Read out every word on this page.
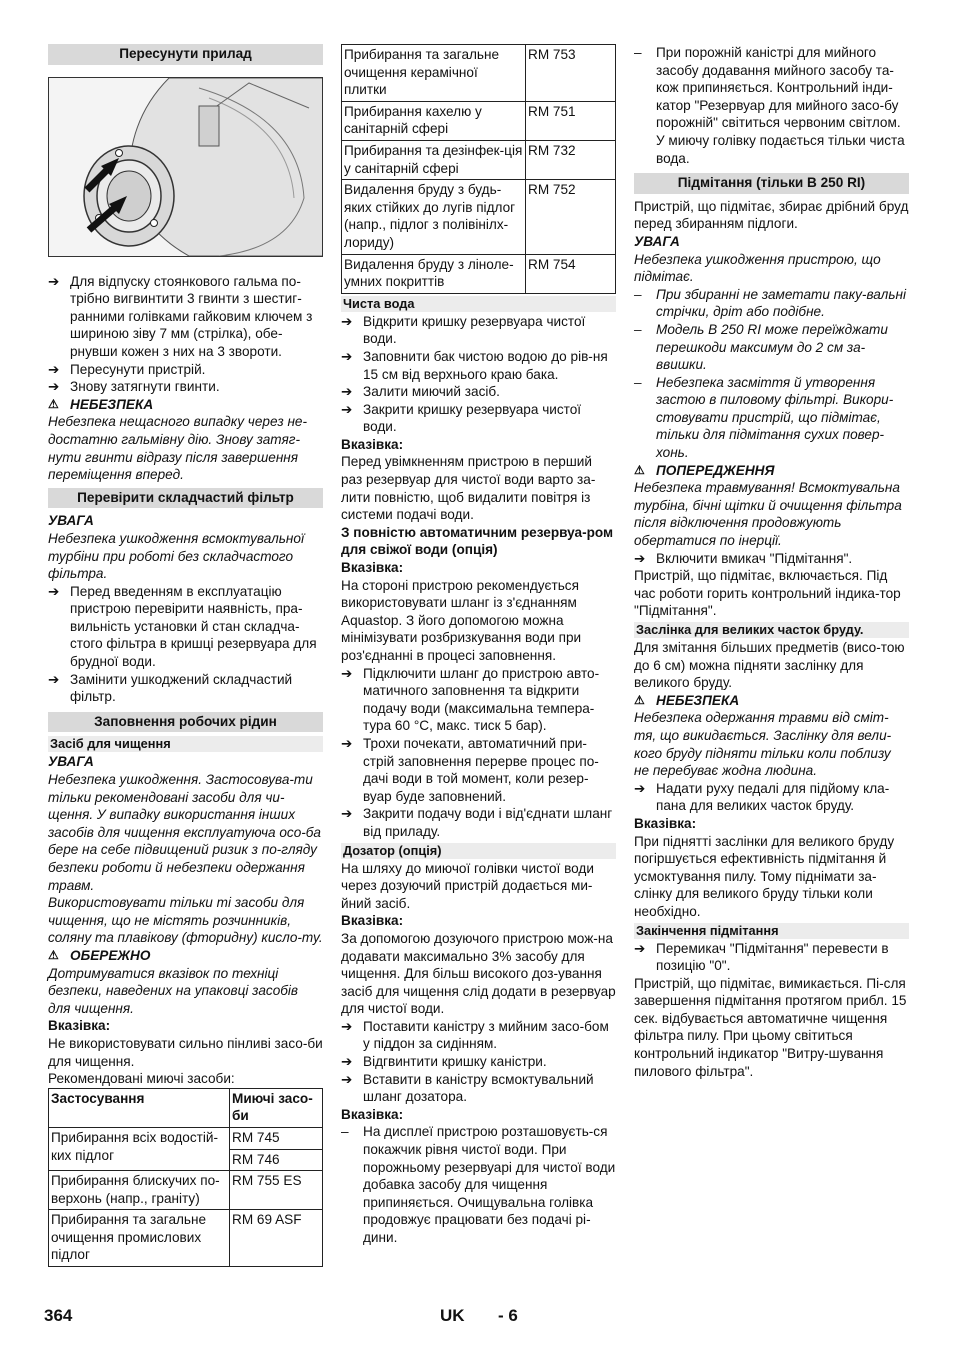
Пересунути прилад
➔ Для відпуску стоянкового гальма по-трібно вигвинтити 3 гвинти з шестиг-ранними голівками гайковим ключем з шириною зіву 7 мм (стрілка), обе-рнувши кожен з них на 3 звороти.
➔ Пересунути пристрій.
➔ Знову затягнути гвинти.
⚠ НЕБЕЗПЕКА

Небезпека нещасного випадку через не-достатню гальмівну дію. Знову затяг-нути гвинти відразу після завершення переміщення вперед.

Перевірити складчастий фільтр

УВАГА

Небезпека ушкодження всмоктувальної турбіни при роботі без складчастого фільтра.

➔ Перед введенням в експлуатацію пристрою перевірити наявність, пра-вильність установки й стан складча-стого фільтра в кришці резервуара для брудної води.
➔ Замінити ушкоджений складчастий фільтр.
Заповнення робочих рідин
Засіб для чищення

УВАГА

Небезпека ушкодження. Застосовува-ти тільки рекомендовані засоби для чи-щення. У випадку використання інших засобів для чищення експлуатуюча осо-ба бере на себе підвищений ризик з по-гляду безпеки роботи й небезпеки одержання травм.

Використовувати тільки ті засоби для чищення, що не містять розчинників, соляну та плавікову (фторидну) кисло-ту.

⚠ ОБЕРЕЖНО

Дотримуватися вказівок по техніці безпеки, наведених на упаковці засобів для чищення.

Вказівка:

Не використовувати сильно пінливі засо-би для чищення.

Рекомендовані миючі засоби:

Застосування	Миючі засо-би
Прибирання всіх водостій-ких підлог	RM 745
	RM 746
Прибирання блискучих по-верхонь (напр., граніту)	RM 755 ES
Прибирання та загальне очищення промислових підлог	RM 69 ASF
Прибирання та загальне очищення керамічної плитки	RM 753
Прибирання кахелю у санітарній сфері	RM 751
Прибирання та дезінфек-ція у санітарній сфері	RM 732
Видалення бруду з будь-яких стійких до лугів підлог (напр., підлог з полівінілх-лориду)	RM 752
Видалення бруду з ліноле-умних покриттів	RM 754
Чиста вода
➔ Відкрити кришку резервуара чистої води.
➔ Заповнити бак чистою водою до рів-ня 15 см від верхнього краю бака.
➔ Залити миючий засіб.
➔ Закрити кришку резервуара чистої води.

Вказівка:

Перед увімкненням пристрою в перший раз резервуар для чистої води варто за-лити повністю, щоб видалити повітря із системи подачі води.

З повністю автоматичним резервуа-ром для свіжої води (опція)

Вказівка:

На стороні пристрою рекомендується використовувати шланг із з'єднанням Aquastop. З його допомогою можна мінімізувати розбризкування води при роз'єднанні в процесі заповнення.

➔ Підключити шланг до пристрою авто-матичного заповнення та відкрити подачу води (максимальна темпера-тура 60 °C, макс. тиск 5 бар).
➔ Трохи почекати, автоматичний при-стрій заповнення перерве процес по-дачі води в той момент, коли резер-вуар буде заповнений.
➔ Закрити подачу води і від'єднати шланг від приладу.
Дозатор (опція)

На шляху до миючої голівки чистої води через дозуючий пристрій додається ми-йний засіб.

Вказівка:

За допомогою дозуючого пристрою мож-на додавати максимально 3% засобу для чищення. Для більш високого доз-ування засіб для чищення слід додати в резервуар для чистої води.

➔ Поставити каністру з мийним засо-бом у піддон за сидінням.
➔ Відгвинтити кришку каністри.
➔ Вставити в каністру всмоктувальний шланг дозатора.

Вказівка:

– На дисплеї пристрою розташовуєть-ся покажчик рівня чистої води. При порожньому резервуарі для чистої води добавка засобу для чищення припиняється. Очищувальна голівка продовжує працювати без подачі рі-дини.
– При порожній каністрі для мийного засобу додавання мийного засобу та-кож припиняється. Контрольний інди-катор "Резервуар для мийного засо-бу порожній" світиться червоним світлом. У миючу голівку подається тільки чиста вода.
Підмітання (тільки B 250 RI)

Пристрій, що підмітає, збирає дрібний бруд перед збиранням підлоги.

УВАГА

Небезпека ушкодження пристрою, що підмітає.

– При збиранні не заметати паку-вальні стрічки, дріт або подібне.
– Модель B 250 RI може переїжджати перешкоди максимум до 2 см за-ввишки.
– Небезпека засміття й утворення застою в пиловому фільтрі. Викори-стовувати пристрій, що підмітає, тільки для підмітання сухих повер-хонь.
⚠ ПОПЕРЕДЖЕННЯ

Небезпека травмування! Всмоктувальна турбіна, бічні щітки й очищення фільтра після відключення продовжують обертатися по інерції.

➔ Включити вмикач "Підмітання".

Пристрій, що підмітає, включається. Під час роботи горить контрольний індика-тор "Підмітання".

Заслінка для великих часток бруду.

Для змітання більших предметів (висо-тою до 6 см) можна підняти заслінку для великого бруду.

⚠ НЕБЕЗПЕКА

Небезпека одержання травми від сміт-тя, що викидається. Заслінку для вели-кого бруду підняти тільки коли поблизу не перебуває жодна людина.

➔ Надати руху педалі для підйому кла-пана для великих часток бруду.

Вказівка:

При піднятті заслінки для великого бруду погіршується ефективність підмітання й усмоктування пилу. Тому піднімати за-слінку для великого бруду тільки коли необхідно.

Закінчення підмітання
➔ Перемикач "Підмітання" перевести в позицію "0".

Пристрій, що підмітає, вимикається. Пі-сля завершення підмітання протягом прибл. 15 сек. відбувається автоматичне чищення фільтра пилу. При цьому світиться контрольний індикатор "Витру-шування пилового фільтра".

364	UK - 6
